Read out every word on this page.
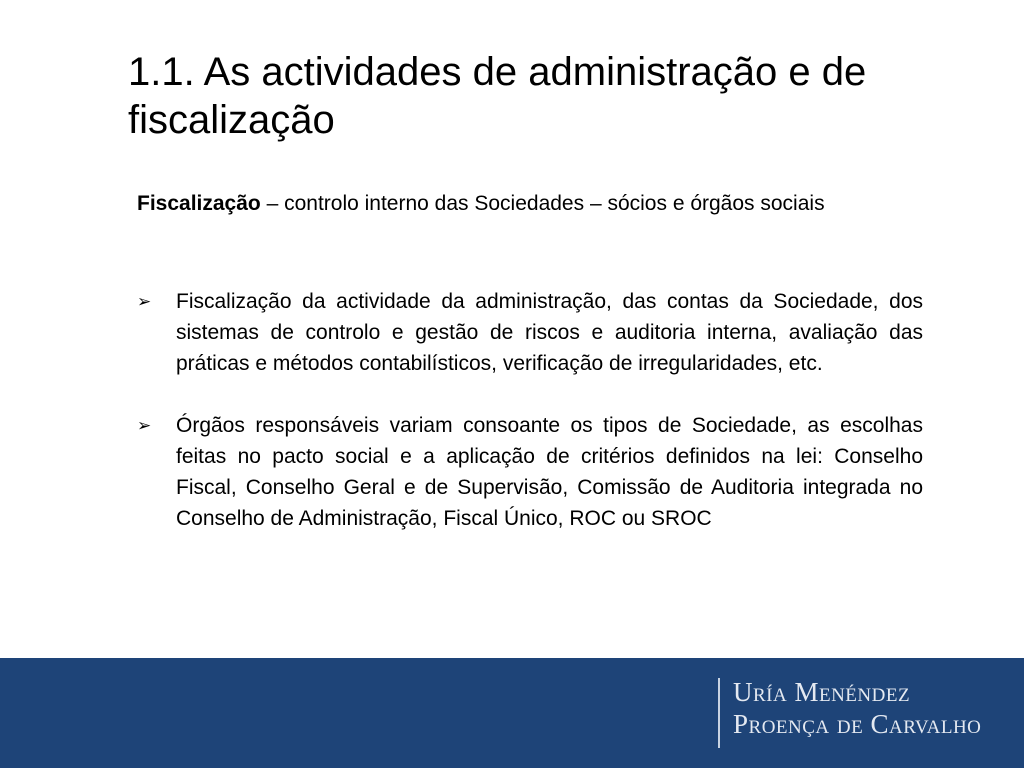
1.1. As actividades de administração e de fiscalização

Fiscalização – controlo interno das Sociedades – sócios e órgãos sociais

➢ Fiscalização da actividade da administração, das contas da Sociedade, dos sistemas de controlo e gestão de riscos e auditoria interna, avaliação das práticas e métodos contabilísticos, verificação de irregularidades, etc.
➢ Órgãos responsáveis variam consoante os tipos de Sociedade, as escolhas feitas no pacto social e a aplicação de critérios definidos na lei: Conselho Fiscal, Conselho Geral e de Supervisão, Comissão de Auditoria integrada no Conselho de Administração, Fiscal Único, ROC ou SROC
Uría Menéndez
Proença de Carvalho
